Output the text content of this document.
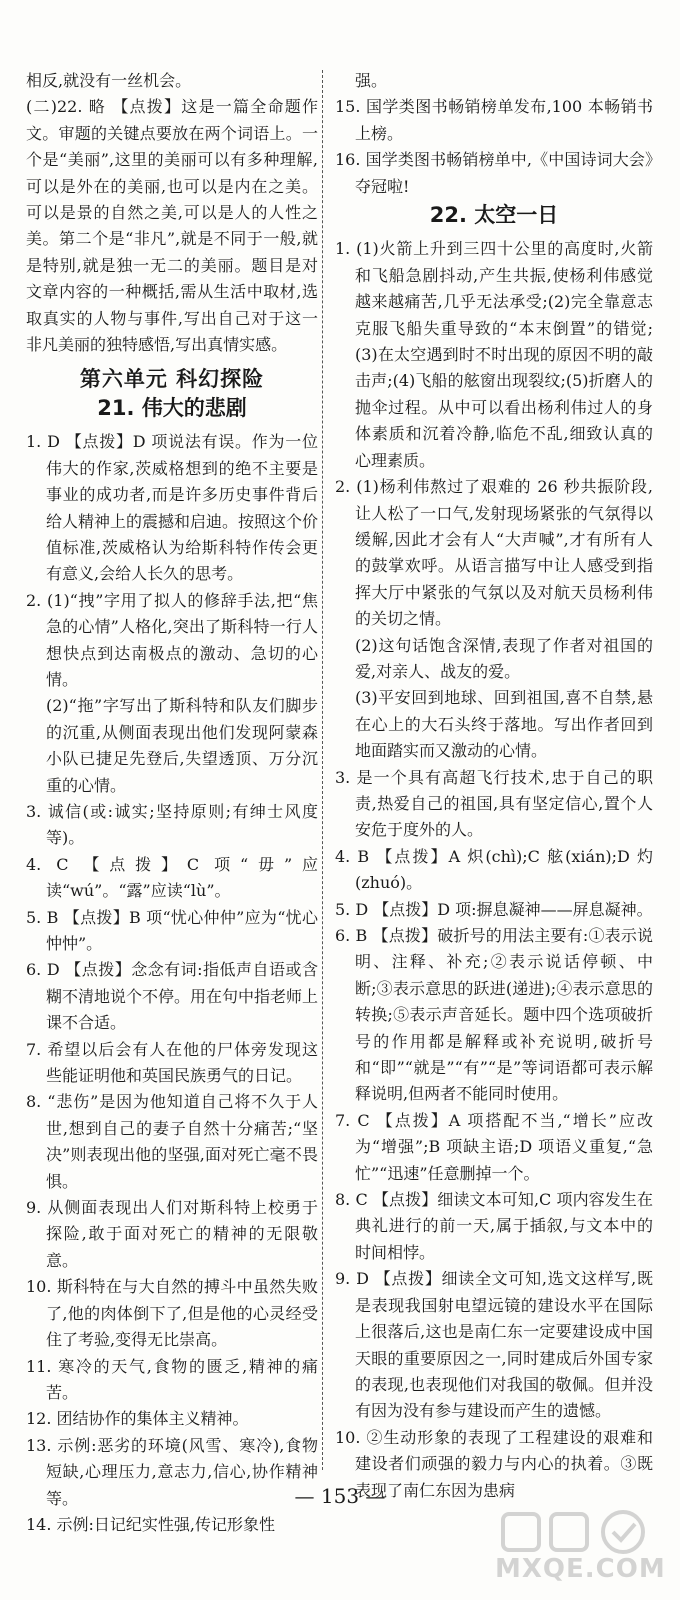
相反,就没有一丝机会。

(二)22. 略 【点拨】这是一篇全命题作文。审题的关键点要放在两个词语上。一个是“美丽”,这里的美丽可以有多种理解,可以是外在的美丽,也可以是内在之美。可以是景的自然之美,可以是人的人性之美。第二个是“非凡”,就是不同于一般,就是特别,就是独一无二的美丽。题目是对文章内容的一种概括,需从生活中取材,选取真实的人物与事件,写出自己对于这一非凡美丽的独特感悟,写出真情实感。

第六单元 科幻探险
21. 伟大的悲剧

1. D 【点拨】D 项说法有误。作为一位伟大的作家,茨威格想到的绝不主要是事业的成功者,而是许多历史事件背后给人精神上的震撼和启迪。按照这个价值标准,茨威格认为给斯科特作传会更有意义,会给人长久的思考。

2. (1)“拽”字用了拟人的修辞手法,把“焦急的心情”人格化,突出了斯科特一行人想快点到达南极点的激动、急切的心情。

(2)“拖”字写出了斯科特和队友们脚步的沉重,从侧面表现出他们发现阿蒙森小队已捷足先登后,失望透顶、万分沉重的心情。

3. 诚信(或:诚实;坚持原则;有绅士风度等)。

4. C 【点拨】C 项“毋”应读“wú”。“露”应读“lù”。

5. B 【点拨】B 项“忧心仲仲”应为“忧心忡忡”。

6. D 【点拨】念念有词:指低声自语或含糊不清地说个不停。用在句中指老师上课不合适。

7. 希望以后会有人在他的尸体旁发现这些能证明他和英国民族勇气的日记。

8. “悲伤”是因为他知道自己将不久于人世,想到自己的妻子自然十分痛苦;“坚决”则表现出他的坚强,面对死亡毫不畏惧。

9. 从侧面表现出人们对斯科特上校勇于探险,敢于面对死亡的精神的无限敬意。

10. 斯科特在与大自然的搏斗中虽然失败了,他的肉体倒下了,但是他的心灵经受住了考验,变得无比崇高。

11. 寒冷的天气,食物的匮乏,精神的痛苦。

12. 团结协作的集体主义精神。

13. 示例:恶劣的环境(风雪、寒冷),食物短缺,心理压力,意志力,信心,协作精神等。

14. 示例:日记纪实性强,传记形象性

强。

15. 国学类图书畅销榜单发布,100 本畅销书上榜。

16. 国学类图书畅销榜单中,《中国诗词大会》夺冠啦!

22. 太空一日

1. (1)火箭上升到三四十公里的高度时,火箭和飞船急剧抖动,产生共振,使杨利伟感觉越来越痛苦,几乎无法承受;(2)完全靠意志克服飞船失重导致的“本末倒置”的错觉;(3)在太空遇到时不时出现的原因不明的敲击声;(4)飞船的舷窗出现裂纹;(5)折磨人的抛伞过程。从中可以看出杨利伟过人的身体素质和沉着冷静,临危不乱,细致认真的心理素质。

2. (1)杨利伟熬过了艰难的 26 秒共振阶段,让人松了一口气,发射现场紧张的气氛得以缓解,因此才会有人“大声喊”,才有所有人的鼓掌欢呼。从语言描写中让人感受到指挥大厅中紧张的气氛以及对航天员杨利伟的关切之情。

(2)这句话饱含深情,表现了作者对祖国的爱,对亲人、战友的爱。

(3)平安回到地球、回到祖国,喜不自禁,悬在心上的大石头终于落地。写出作者回到地面踏实而又激动的心情。

3. 是一个具有高超飞行技术,忠于自己的职责,热爱自己的祖国,具有坚定信心,置个人安危于度外的人。

4. B 【点拨】A 炽(chì);C 舷(xián);D 灼(zhuó)。

5. D 【点拨】D 项:摒息凝神——屏息凝神。

6. B 【点拨】破折号的用法主要有:①表示说明、注释、补充;②表示说话停顿、中断;③表示意思的跃进(递进);④表示意思的转换;⑤表示声音延长。题中四个选项破折号的作用都是解释或补充说明,破折号和“即”“就是”“有”“是”等词语都可表示解释说明,但两者不能同时使用。

7. C 【点拨】A 项搭配不当,“增长”应改为“增强”;B 项缺主语;D 项语义重复,“急忙”“迅速”任意删掉一个。

8. C 【点拨】细读文本可知,C 项内容发生在典礼进行的前一天,属于插叙,与文本中的时间相悖。

9. D 【点拨】细读全文可知,选文这样写,既是表现我国射电望远镜的建设水平在国际上很落后,这也是南仁东一定要建设成中国天眼的重要原因之一,同时建成后外国专家的表现,也表现他们对我国的敬佩。但并没有因为没有参与建设而产生的遗憾。

10. ②生动形象的表现了工程建设的艰难和建设者们顽强的毅力与内心的执着。③既表现了南仁东因为患病

— 153 —
MXQE.COM
